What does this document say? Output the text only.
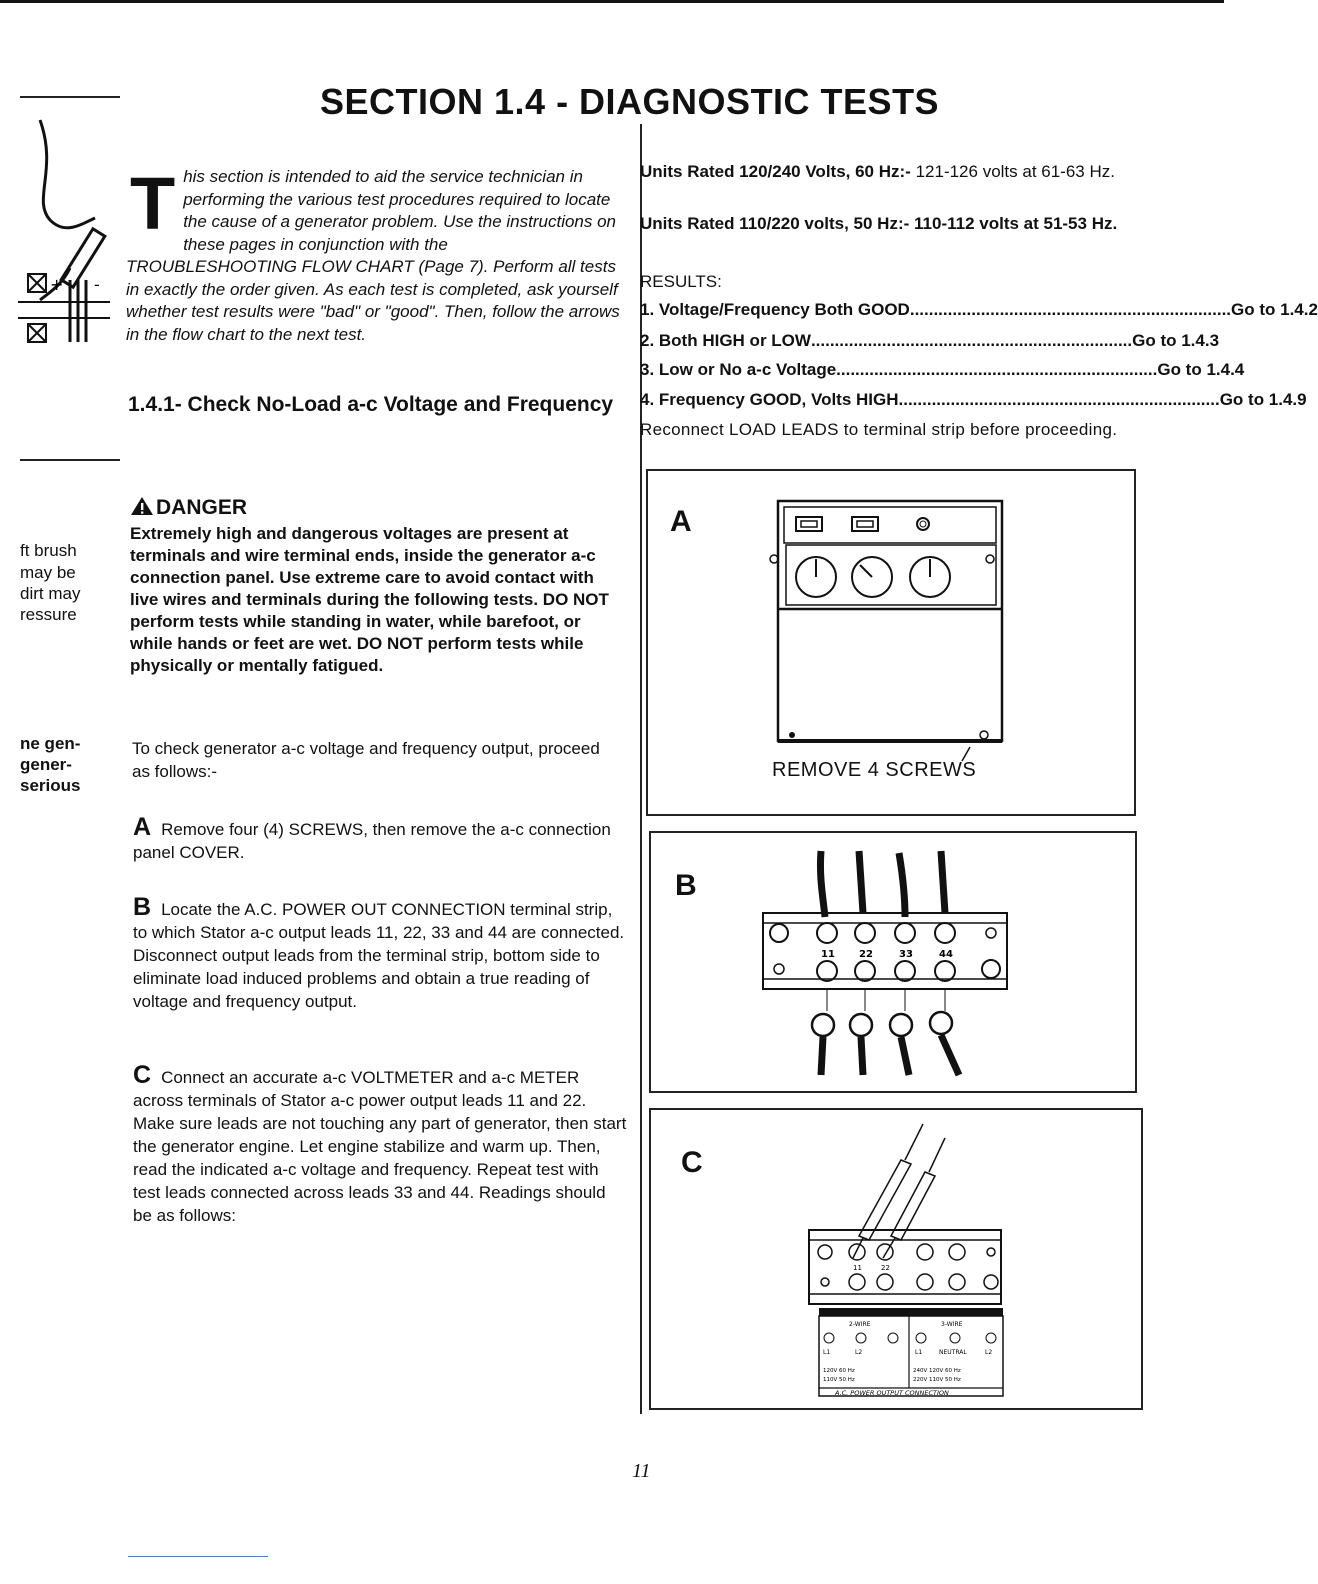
+ -
ft brush
may be
dirt may
ressure
ne gen-
gener-
serious
SECTION 1.4 - DIAGNOSTIC TESTS

This section is intended to aid the service technician in performing the various test procedures required to locate the cause of a generator problem. Use the instructions on these pages in conjunction with the TROUBLESHOOTING FLOW CHART (Page 7). Perform all tests in exactly the order given. As each test is completed, ask yourself whether test results were "bad" or "good". Then, follow the arrows in the flow chart to the next test.

1.4.1- Check No-Load a-c Voltage and Frequency
DANGER

Extremely high and dangerous voltages are present at terminals and wire terminal ends, inside the generator a-c connection panel. Use extreme care to avoid contact with live wires and terminals during the following tests. DO NOT perform tests while standing in water, while barefoot, or while hands or feet are wet. DO NOT perform tests while physically or mentally fatigued.

To check generator a-c voltage and frequency output, proceed as follows:-

A Remove four (4) SCREWS, then remove the a-c connection panel COVER.

B Locate the A.C. POWER OUT CONNECTION terminal strip, to which Stator a-c output leads 11, 22, 33 and 44 are connected. Disconnect output leads from the terminal strip, bottom side to eliminate load induced problems and obtain a true reading of voltage and frequency output.

C Connect an accurate a-c VOLTMETER and a-c METER across terminals of Stator a-c power output leads 11 and 22. Make sure leads are not touching any part of generator, then start the generator engine. Let engine stabilize and warm up. Then, read the indicated a-c voltage and frequency. Repeat test with test leads connected across leads 33 and 44. Readings should be as follows:

Units Rated 120/240 Volts, 60 Hz:- 121-126 volts at 61-63 Hz.

Units Rated 110/220 volts, 50 Hz:- 110-112 volts at 51-53 Hz.

RESULTS:
1. Voltage/Frequency Both GOOD .................................................................... Go to 1.4.2
2. Both HIGH or LOW .................................................................... Go to 1.4.3
3. Low or No a-c Voltage .................................................................... Go to 1.4.4
4. Frequency GOOD, Volts HIGH .................................................................... Go to 1.4.9

Reconnect LOAD LEADS to terminal strip before proceeding.

A
REMOVE 4 SCREWS
B
11 22	33	44
C
11	22
2-WIRE	3-WIRE
L1	L2	L1	NEUTRAL	L2
120V 60 Hz
110V 50 Hz
240V 120V 60 Hz
220V 110V 50 Hz
A.C. POWER OUTPUT CONNECTION
11
